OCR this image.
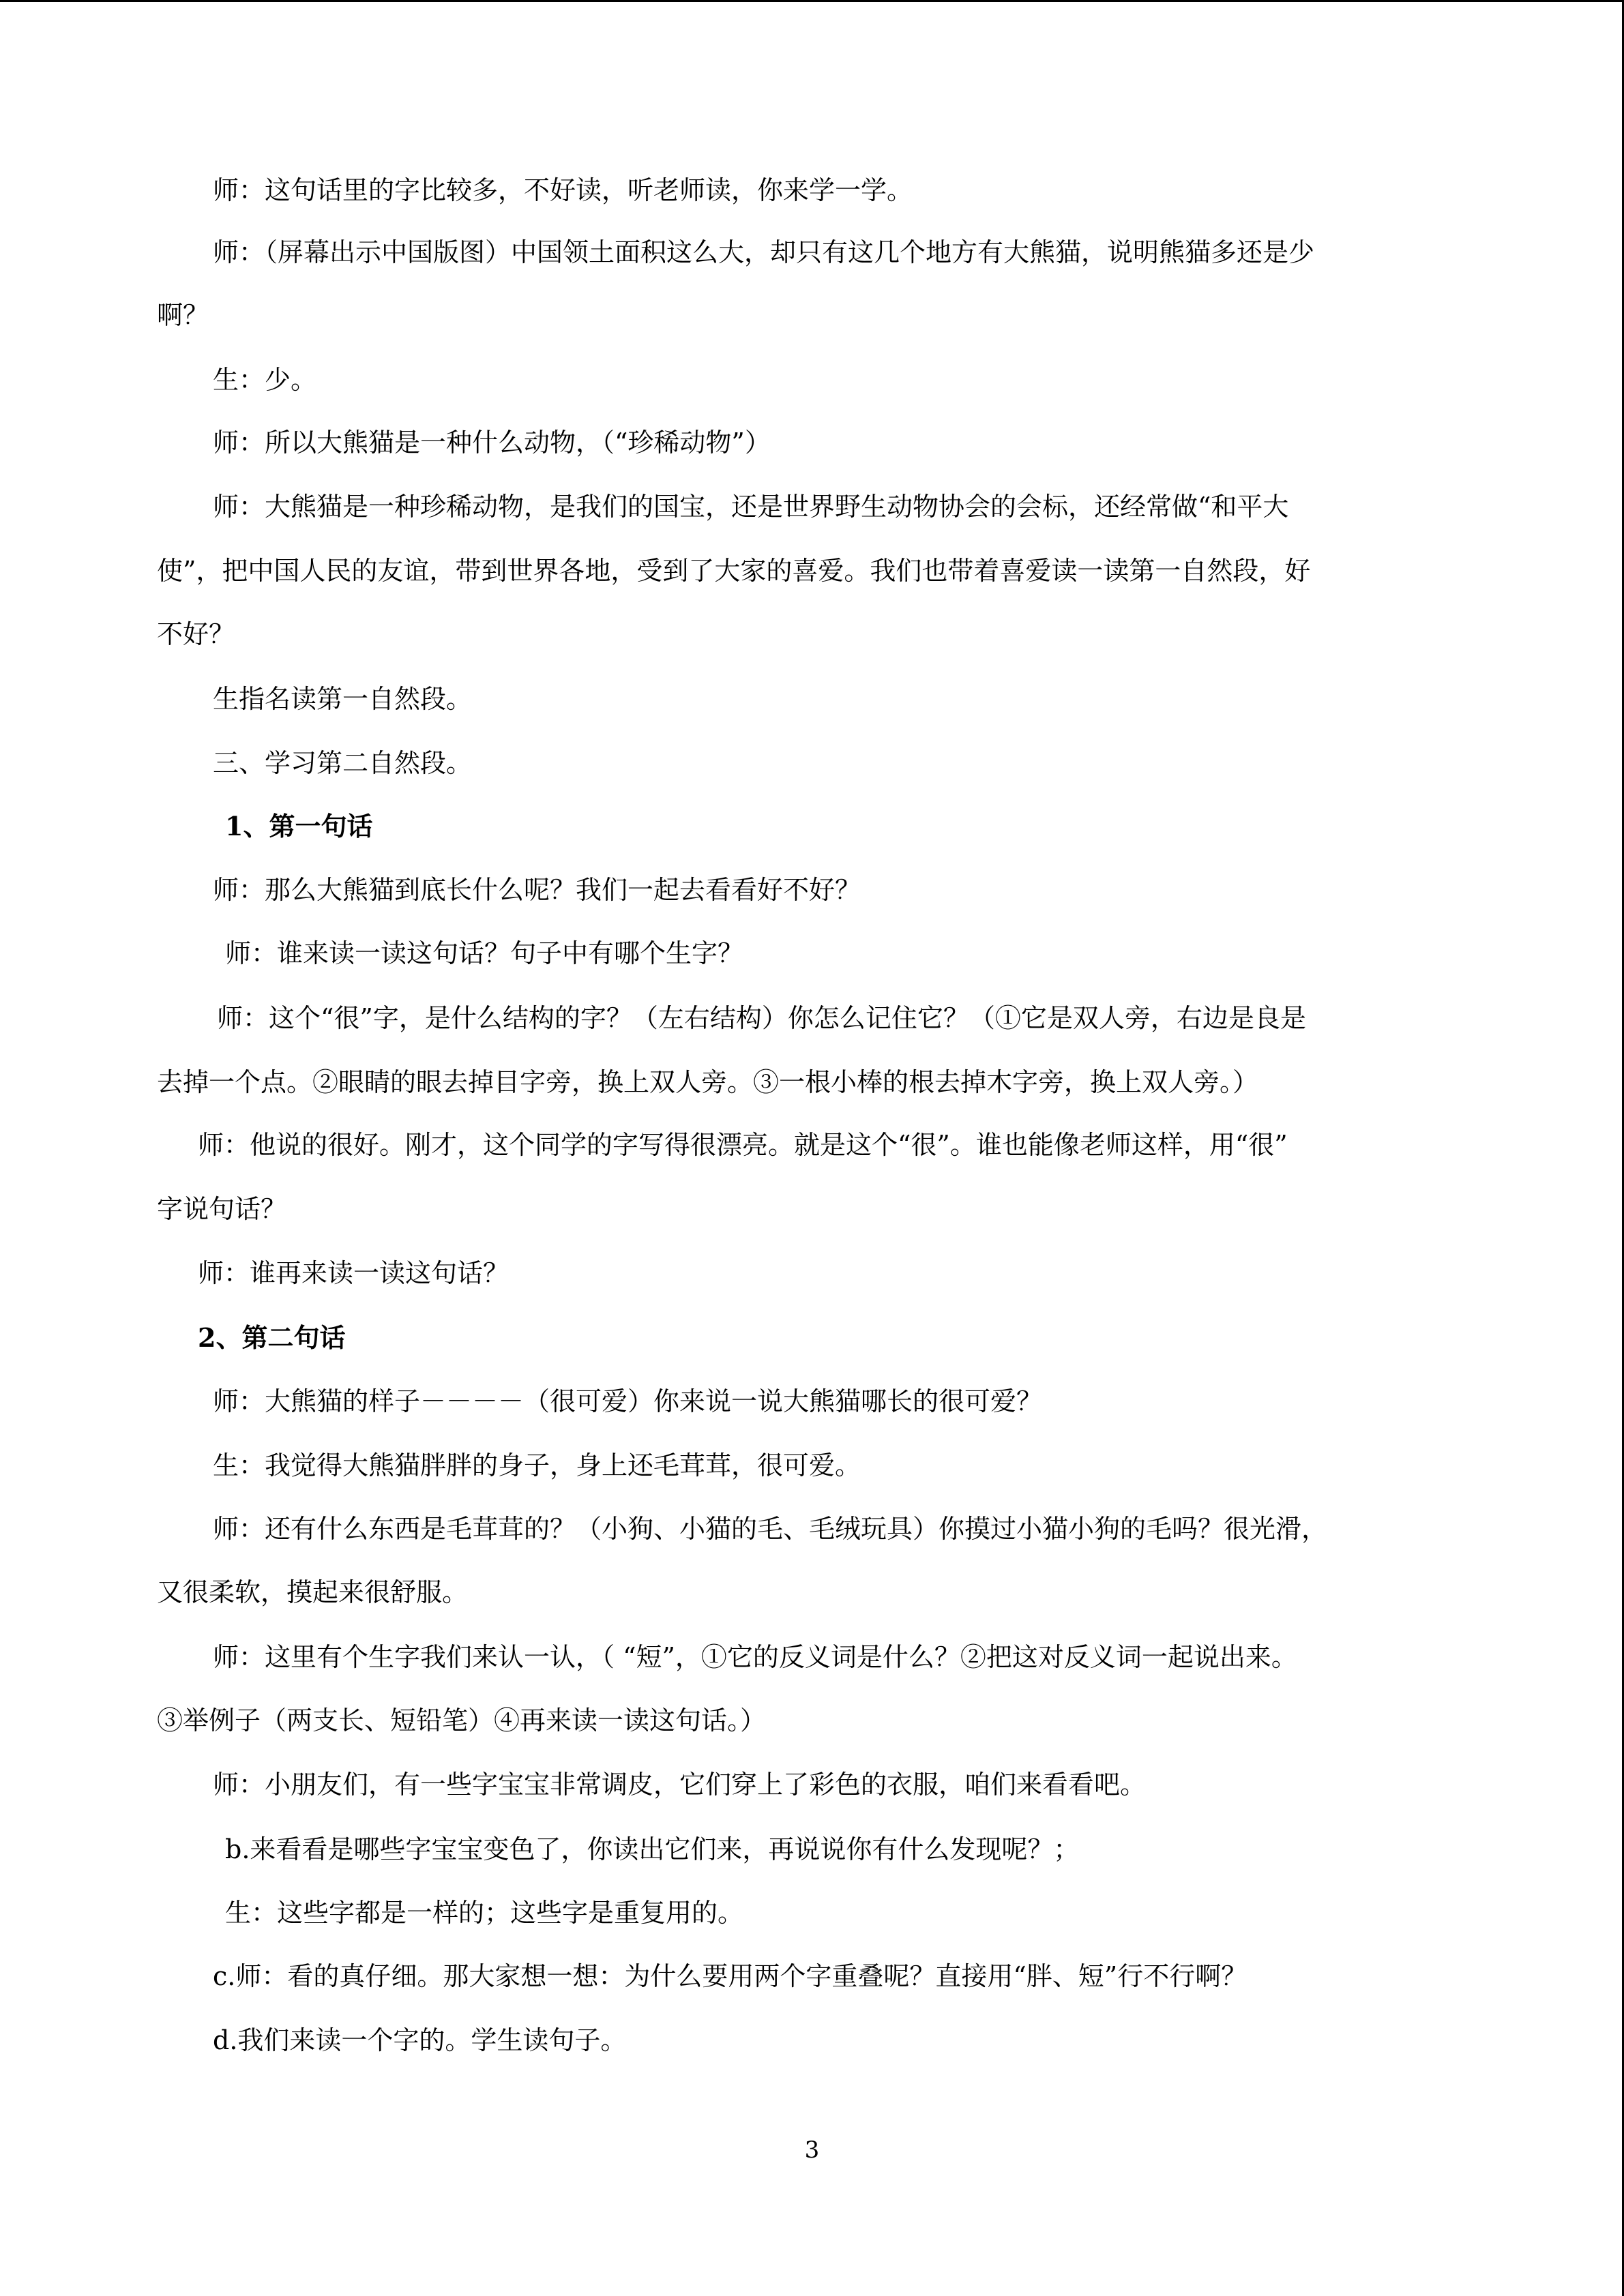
师：这句话里的字比较多，不好读，听老师读，你来学一学。
师：（屏幕出示中国版图）中国领土面积这么大，却只有这几个地方有大熊猫，说明熊猫多还是少
啊？
生：少。
师：所以大熊猫是一种什么动物，（“珍稀动物”）
师：大熊猫是一种珍稀动物，是我们的国宝，还是世界野生动物协会的会标，还经常做“和平大
使”，把中国人民的友谊，带到世界各地，受到了大家的喜爱。我们也带着喜爱读一读第一自然段，好
不好？
生指名读第一自然段。
三、学习第二自然段。
1、第一句话
师：那么大熊猫到底长什么呢？我们一起去看看好不好？
师：谁来读一读这句话？句子中有哪个生字？
师：这个“很”字，是什么结构的字？（左右结构）你怎么记住它？（①它是双人旁，右边是良是
去掉一个点。②眼睛的眼去掉目字旁，换上双人旁。③一根小棒的根去掉木字旁，换上双人旁。）
师：他说的很好。刚才，这个同学的字写得很漂亮。就是这个“很”。谁也能像老师这样，用“很”
字说句话？
师：谁再来读一读这句话？
2、第二句话
师：大熊猫的样子－－－－（很可爱）你来说一说大熊猫哪长的很可爱？
生：我觉得大熊猫胖胖的身子，身上还毛茸茸，很可爱。
师：还有什么东西是毛茸茸的？（小狗、小猫的毛、毛绒玩具）你摸过小猫小狗的毛吗？很光滑，
又很柔软，摸起来很舒服。
师：这里有个生字我们来认一认，（ “短”，①它的反义词是什么？②把这对反义词一起说出来。
③举例子（两支长、短铅笔）④再来读一读这句话。）
师：小朋友们，有一些字宝宝非常调皮，它们穿上了彩色的衣服，咱们来看看吧。
b.来看看是哪些字宝宝变色了，你读出它们来，再说说你有什么发现呢？；
生：这些字都是一样的；这些字是重复用的。
c.师：看的真仔细。那大家想一想：为什么要用两个字重叠呢？直接用“胖、短”行不行啊？
d.我们来读一个字的。学生读句子。
3
